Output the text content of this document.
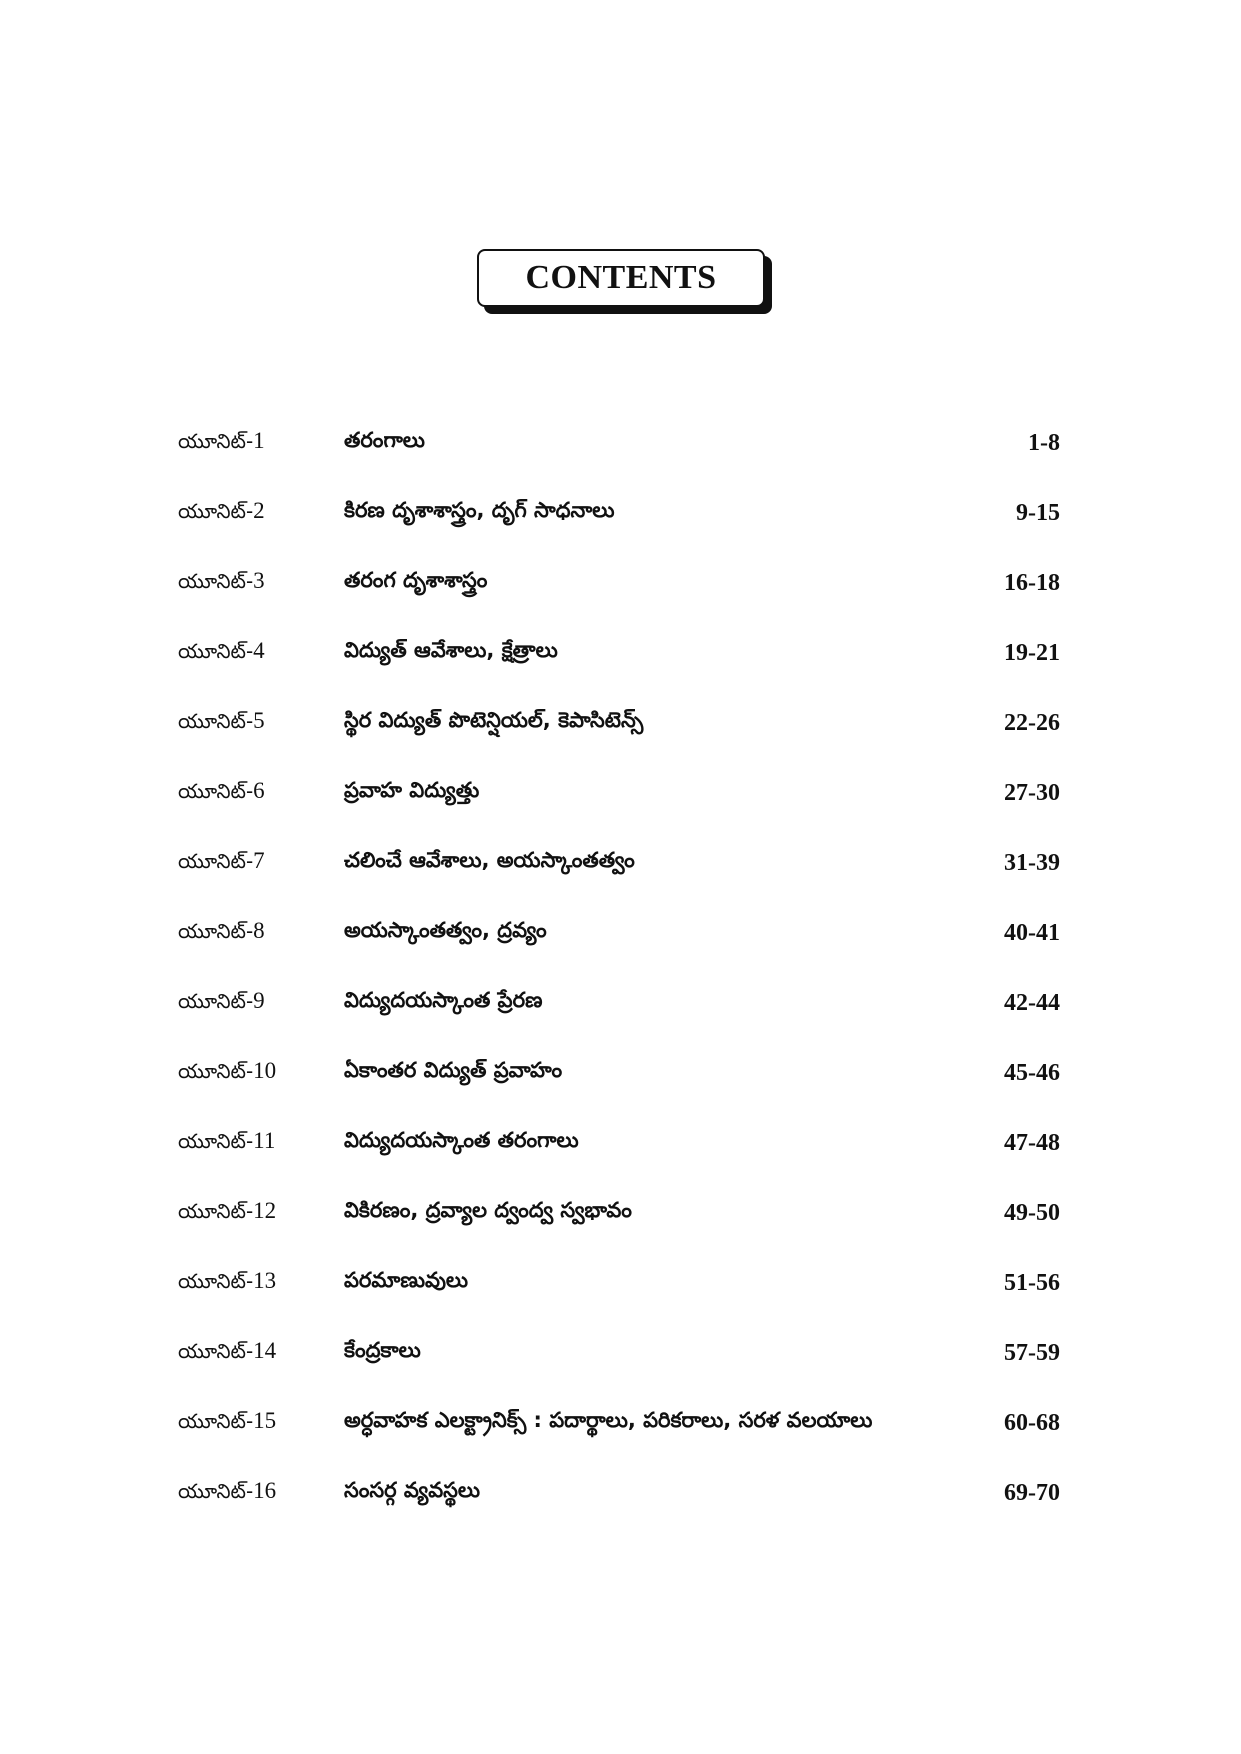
CONTENTS
యూనిట్-1	తరంగాలు	1-8
యూనిట్-2	కిరణ దృశాశాస్త్రం, దృగ్ సాధనాలు	9-15
యూనిట్-3	తరంగ దృశాశాస్త్రం	16-18
యూనిట్-4	విద్యుత్ ఆవేశాలు, క్షేత్రాలు	19-21
యూనిట్-5	స్థిర విద్యుత్ పొటెన్షియల్, కెపాసిటెన్స్	22-26
యూనిట్-6	ప్రవాహ విద్యుత్తు	27-30
యూనిట్-7	చలించే ఆవేశాలు, అయస్కాంతత్వం	31-39
యూనిట్-8	అయస్కాంతత్వం, ద్రవ్యం	40-41
యూనిట్-9	విద్యుదయస్కాంత ప్రేరణ	42-44
యూనిట్-10	ఏకాంతర విద్యుత్ ప్రవాహం	45-46
యూనిట్-11	విద్యుదయస్కాంత తరంగాలు	47-48
యూనిట్-12	వికిరణం, ద్రవ్యాల ద్వంద్వ స్వభావం	49-50
యూనిట్-13	పరమాణువులు	51-56
యూనిట్-14	కేంద్రకాలు	57-59
యూనిట్-15	అర్ధవాహక ఎలక్ట్రానిక్స్ : పదార్థాలు, పరికరాలు, సరళ వలయాలు	60-68
యూనిట్-16	సంసర్గ వ్యవస్థలు	69-70
